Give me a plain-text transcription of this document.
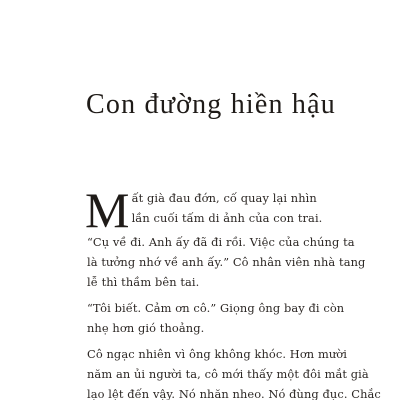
Con đường hiền hậu

M ất già đau đớn, cố quay lại nhìn
lần cuối tấm di ảnh của con trai.

“Cụ về đi. Anh ấy đã đi rồi. Việc của chúng ta
là tưởng nhớ về anh ấy.” Cô nhân viên nhà tang
lễ thì thầm bên tai.

“Tôi biết. Cảm ơn cô.” Giọng ông bay đi còn
nhẹ hơn gió thoảng.

Cô ngạc nhiên vì ông không khóc. Hơn mười
năm an ủi người ta, cô mới thấy một đôi mắt già
lạo lệt đến vậy. Nó nhăn nheo. Nó đùng đục. Chắc
